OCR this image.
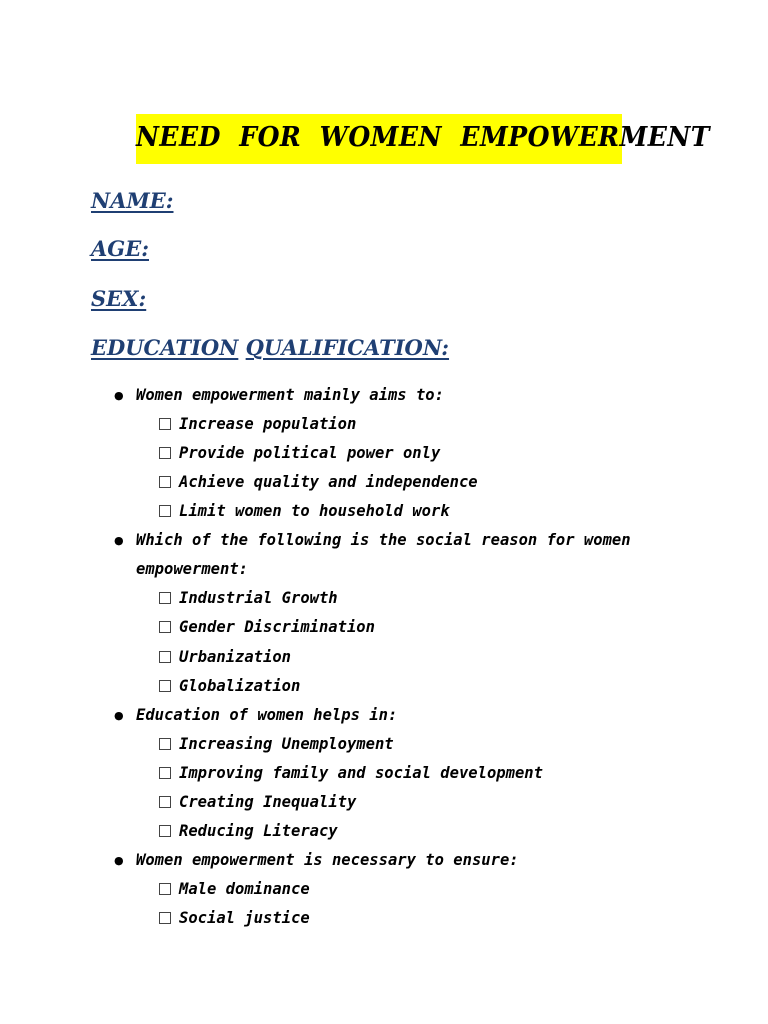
NEED  FOR  WOMEN  EMPOWERMENT
NAME:
AGE:
SEX:
EDUCATION QUALIFICATION:
● Women empowerment mainly aims to:
Increase population
Provide political power only
Achieve quality and independence
Limit women to household work
● Which of the following is the social reason for women
empowerment:
Industrial Growth
Gender Discrimination
Urbanization
Globalization
● Education of women helps in:
Increasing Unemployment
Improving family and social development
Creating Inequality
Reducing Literacy
● Women empowerment is necessary to ensure:
Male dominance
Social justice
